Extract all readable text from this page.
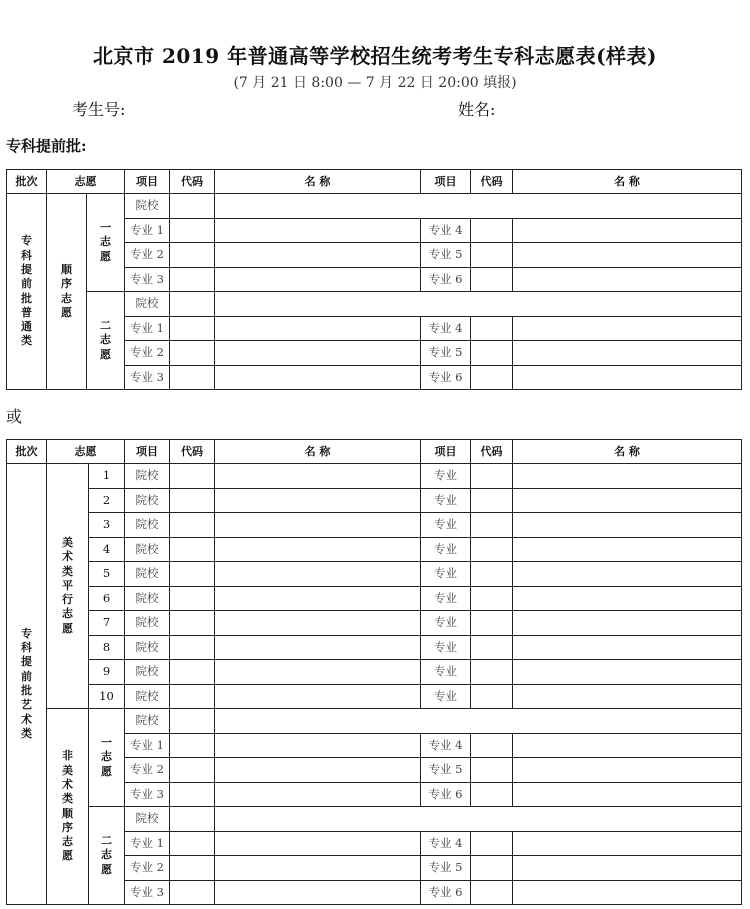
北京市 2019 年普通高等学校招生统考考生专科志愿表(样表)
(7 月 21 日 8:00 — 7 月 22 日 20:00 填报)
考生号:	姓名:
专科提前批:
或
批次	志愿		项目	代码	名 称	项目	代码	名 称
专科提前批普通类	顺序志愿	一志愿	院校					
			专业 1			专业 4		
			专业 2			专业 5		
			专业 3			专业 6		
		二志愿	院校					
			专业 1			专业 4		
			专业 2			专业 5		
			专业 3			专业 6		
批次	志愿		项目	代码	名 称	项目	代码	名 称
专科提前批艺术类	美术类平行志愿	1	院校			专业		
		2	院校			专业		
		3	院校			专业		
		4	院校			专业		
		5	院校			专业		
		6	院校			专业		
		7	院校			专业		
		8	院校			专业		
		9	院校			专业		
		10	院校			专业		
	非美术类顺序志愿	一志愿	院校					
			专业 1			专业 4		
			专业 2			专业 5		
			专业 3			专业 6		
		二志愿	院校					
			专业 1			专业 4		
			专业 2			专业 5		
			专业 3			专业 6		
